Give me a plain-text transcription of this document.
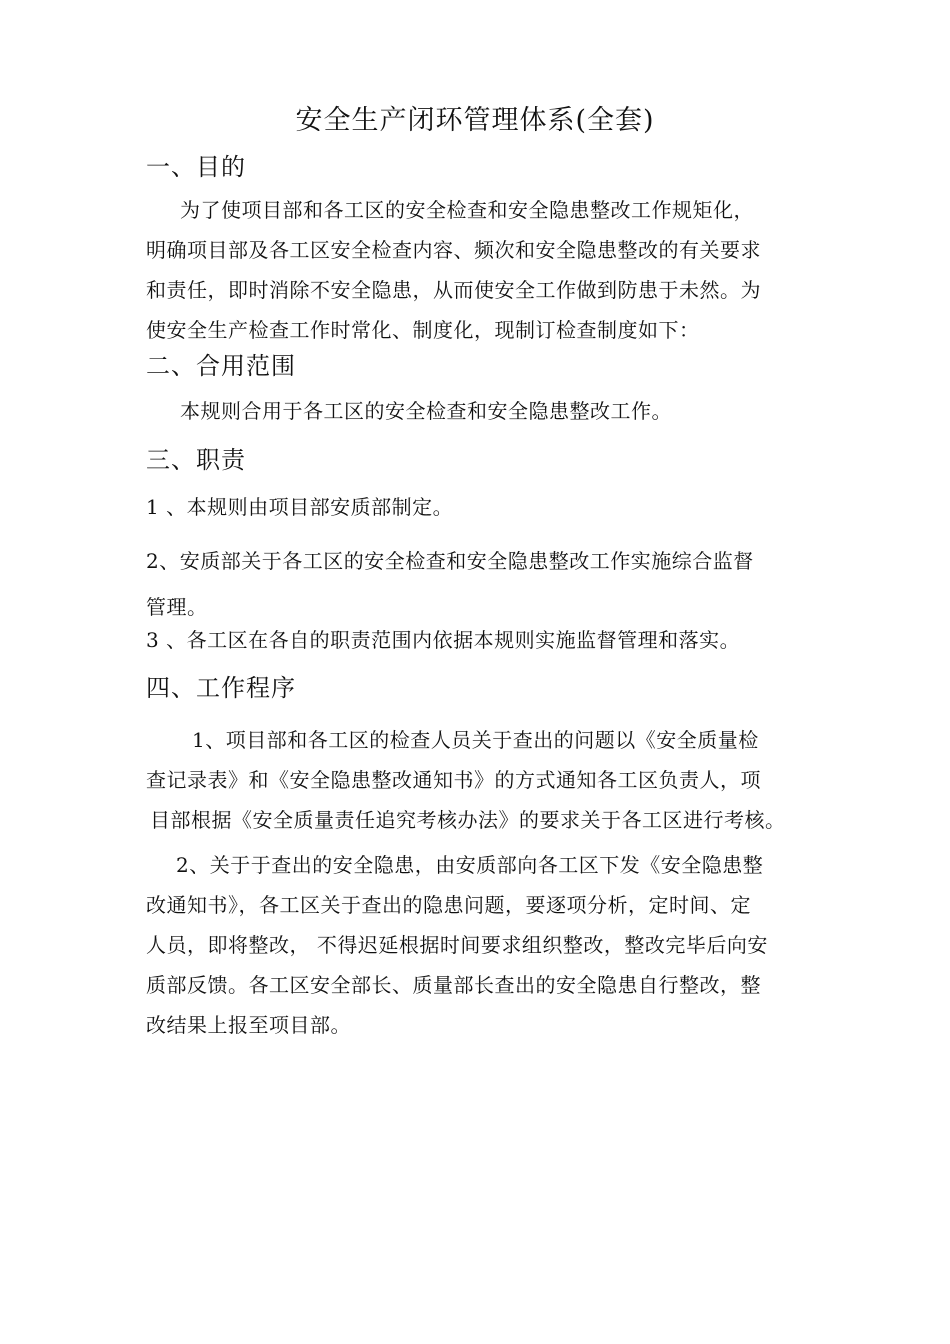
安全生产闭环管理体系(全套)
一、目的
为了使项目部和各工区的安全检查和安全隐患整改工作规矩化，
明确项目部及各工区安全检查内容、频次和安全隐患整改的有关要求
和责任，即时消除不安全隐患，从而使安全工作做到防患于未然。为
使安全生产检查工作时常化、制度化，现制订检查制度如下：
二、合用范围
本规则合用于各工区的安全检查和安全隐患整改工作。
三、职责
1 、本规则由项目部安质部制定。
2、安质部关于各工区的安全检查和安全隐患整改工作实施综合监督
管理。
3 、各工区在各自的职责范围内依据本规则实施监督管理和落实。
四、工作程序
1、项目部和各工区的检查人员关于查出的问题以《安全质量检
查记录表》和《安全隐患整改通知书》的方式通知各工区负责人，项
目部根据《安全质量责任追究考核办法》的要求关于各工区进行考核。
2、关于于查出的安全隐患，由安质部向各工区下发《安全隐患整
改通知书》，各工区关于查出的隐患问题，要逐项分析，定时间、定
人员，即将整改， 不得迟延根据时间要求组织整改，整改完毕后向安
质部反馈。各工区安全部长、质量部长查出的安全隐患自行整改，整
改结果上报至项目部。
